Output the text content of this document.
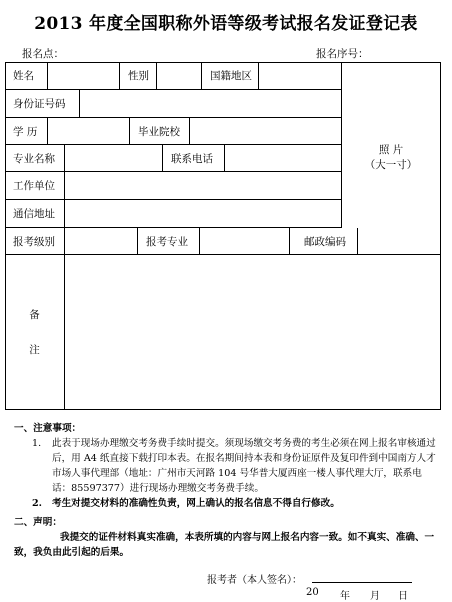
2013 年度全国职称外语等级考试报名发证登记表
报名点：	报名序号：
姓名	性别	国籍地区
身份证号码
学 历	毕业院校
专业名称	联系电话
工作单位
通信地址
照 片
（大一寸）
报考级别	报考专业	邮政编码
备
注
一、注意事项：
1.	此表于现场办理缴交考务费手续时提交。须现场缴交考务费的考生必须在网上报名审核通过后，用 A4 纸直接下载打印本表。在报名期间持本表和身份证原件及复印件到中国南方人才市场人事代理部（地址：广州市天河路 104 号华普大厦西座一楼人事代理大厅，联系电话：85597377）进行现场办理缴交考务费手续。
2.	考生对提交材料的准确性负责，网上确认的报名信息不得自行修改。
二、声明：
我提交的证件材料真实准确，本表所填的内容与网上报名内容一致。如不真实、准确、一致，我负由此引起的后果。
报考者（本人签名）：
20 年 月 日
